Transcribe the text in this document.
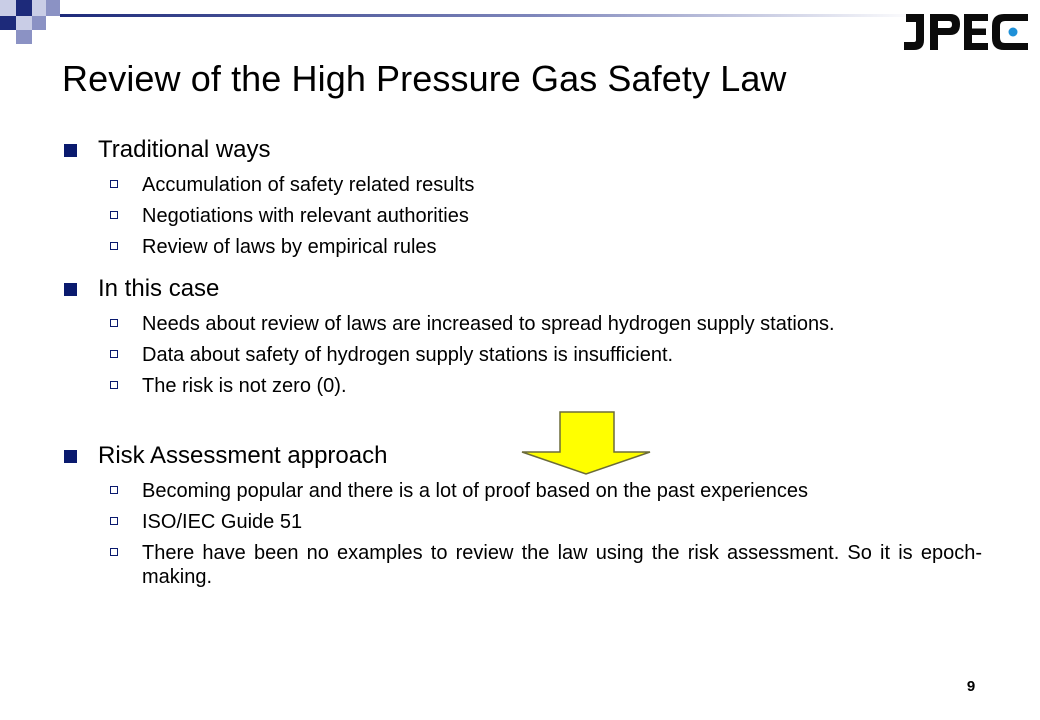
Review of the High Pressure Gas Safety Law
Traditional ways
Accumulation of safety related results
Negotiations with relevant authorities
Review of laws by empirical rules
In this case
Needs about review of laws are increased to spread hydrogen supply stations.
Data about safety of hydrogen supply stations is insufficient.
The risk is not zero (0).
Risk Assessment approach
Becoming popular and there is a lot of proof based on the past experiences
ISO/IEC Guide 51
There have been no examples to review the law using the risk assessment. So it is epoch-making.
9
